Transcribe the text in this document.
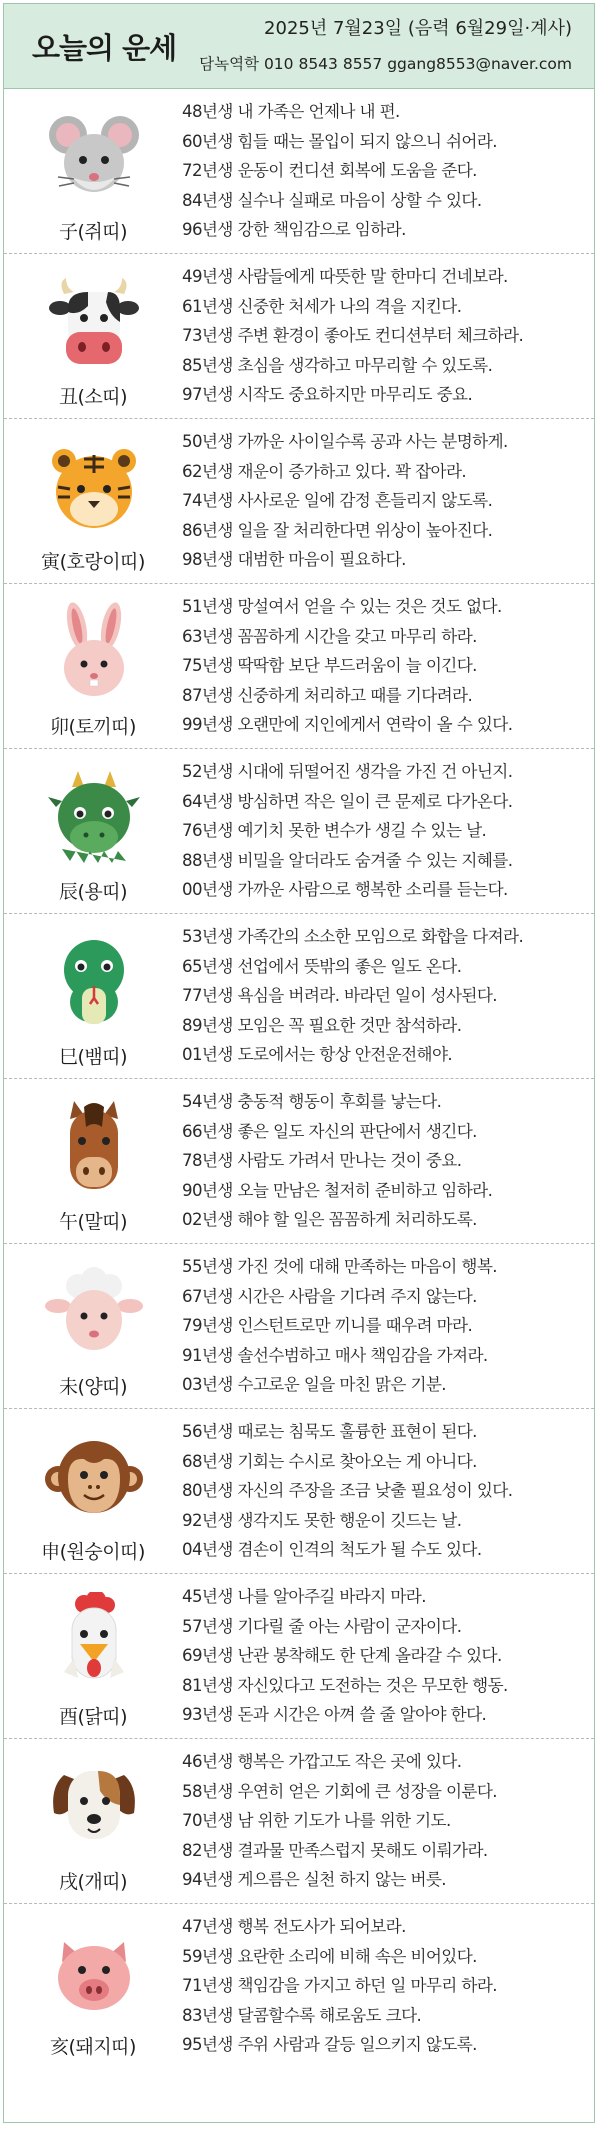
오늘의 운세
2025년 7월23일 (음력 6월29일·계사)
담녹역학 010 8543 8557 ggang8553@naver.com
子(쥐띠)
48년생 내 가족은 언제나 내 편.
60년생 힘들 때는 몰입이 되지 않으니 쉬어라.
72년생 운동이 컨디션 회복에 도움을 준다.
84년생 실수나 실패로 마음이 상할 수 있다.
96년생 강한 책임감으로 임하라.
丑(소띠)
49년생 사람들에게 따뜻한 말 한마디 건네보라.
61년생 신중한 처세가 나의 격을 지킨다.
73년생 주변 환경이 좋아도 컨디션부터 체크하라.
85년생 초심을 생각하고 마무리할 수 있도록.
97년생 시작도 중요하지만 마무리도 중요.
寅(호랑이띠)
50년생 가까운 사이일수록 공과 사는 분명하게.
62년생 재운이 증가하고 있다. 꽉 잡아라.
74년생 사사로운 일에 감정 흔들리지 않도록.
86년생 일을 잘 처리한다면 위상이 높아진다.
98년생 대범한 마음이 필요하다.
卯(토끼띠)
51년생 망설여서 얻을 수 있는 것은 것도 없다.
63년생 꼼꼼하게 시간을 갖고 마무리 하라.
75년생 딱딱함 보단 부드러움이 늘 이긴다.
87년생 신중하게 처리하고 때를 기다려라.
99년생 오랜만에 지인에게서 연락이 올 수 있다.
辰(용띠)
52년생 시대에 뒤떨어진 생각을 가진 건 아닌지.
64년생 방심하면 작은 일이 큰 문제로 다가온다.
76년생 예기치 못한 변수가 생길 수 있는 날.
88년생 비밀을 알더라도 숨겨줄 수 있는 지혜를.
00년생 가까운 사람으로 행복한 소리를 듣는다.
巳(뱀띠)
53년생 가족간의 소소한 모임으로 화합을 다져라.
65년생 선업에서 뜻밖의 좋은 일도 온다.
77년생 욕심을 버려라. 바라던 일이 성사된다.
89년생 모임은 꼭 필요한 것만 참석하라.
01년생 도로에서는 항상 안전운전해야.
午(말띠)
54년생 충동적 행동이 후회를 낳는다.
66년생 좋은 일도 자신의 판단에서 생긴다.
78년생 사람도 가려서 만나는 것이 중요.
90년생 오늘 만남은 철저히 준비하고 임하라.
02년생 해야 할 일은 꼼꼼하게 처리하도록.
未(양띠)
55년생 가진 것에 대해 만족하는 마음이 행복.
67년생 시간은 사람을 기다려 주지 않는다.
79년생 인스턴트로만 끼니를 때우려 마라.
91년생 솔선수범하고 매사 책임감을 가져라.
03년생 수고로운 일을 마친 맑은 기분.
申(원숭이띠)
56년생 때로는 침묵도 훌륭한 표현이 된다.
68년생 기회는 수시로 찾아오는 게 아니다.
80년생 자신의 주장을 조금 낮출 필요성이 있다.
92년생 생각지도 못한 행운이 깃드는 날.
04년생 겸손이 인격의 척도가 될 수도 있다.
酉(닭띠)
45년생 나를 알아주길 바라지 마라.
57년생 기다릴 줄 아는 사람이 군자이다.
69년생 난관 봉착해도 한 단계 올라갈 수 있다.
81년생 자신있다고 도전하는 것은 무모한 행동.
93년생 돈과 시간은 아껴 쓸 줄 알아야 한다.
戌(개띠)
46년생 행복은 가깝고도 작은 곳에 있다.
58년생 우연히 얻은 기회에 큰 성장을 이룬다.
70년생 남 위한 기도가 나를 위한 기도.
82년생 결과물 만족스럽지 못해도 이뤄가라.
94년생 게으름은 실천 하지 않는 버릇.
亥(돼지띠)
47년생 행복 전도사가 되어보라.
59년생 요란한 소리에 비해 속은 비어있다.
71년생 책임감을 가지고 하던 일 마무리 하라.
83년생 달콤할수록 해로움도 크다.
95년생 주위 사람과 갈등 일으키지 않도록.
